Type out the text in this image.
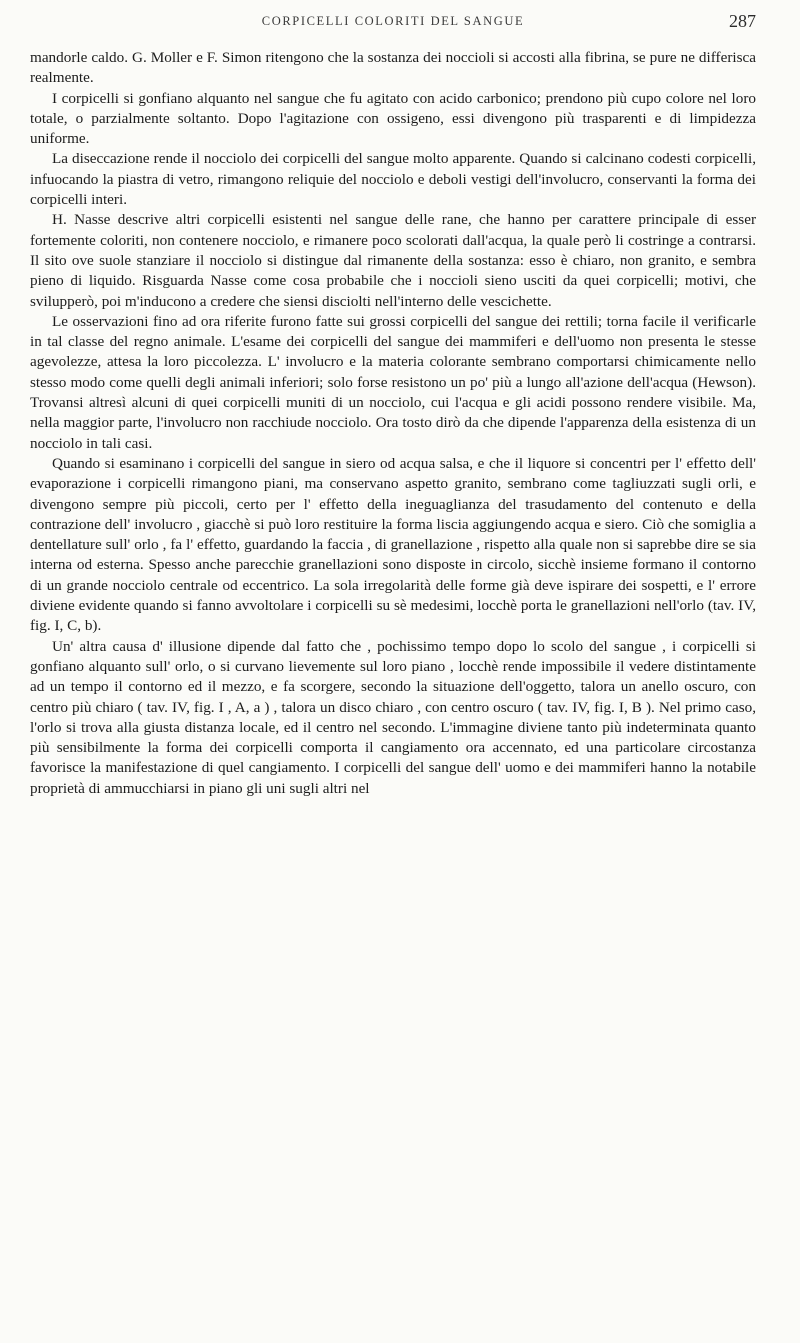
CORPICELLI COLORITI DEL SANGUE	287

mandorle caldo. G. Moller e F. Simon ritengono che la sostanza dei noccioli si accosti alla fibrina, se pure ne differisca realmente.

I corpicelli si gonfiano alquanto nel sangue che fu agitato con acido carbonico; prendono più cupo colore nel loro totale, o parzialmente soltanto. Dopo l'agitazione con ossigeno, essi divengono più trasparenti e di limpidezza uniforme.

La diseccazione rende il nocciolo dei corpicelli del sangue molto apparente. Quando si calcinano codesti corpicelli, infuocando la piastra di vetro, rimangono reliquie del nocciolo e deboli vestigi dell'involucro, conservanti la forma dei corpicelli interi.

H. Nasse descrive altri corpicelli esistenti nel sangue delle rane, che hanno per carattere principale di esser fortemente coloriti, non contenere nocciolo, e rimanere poco scolorati dall'acqua, la quale però li costringe a contrarsi. Il sito ove suole stanziare il nocciolo si distingue dal rimanente della sostanza: esso è chiaro, non granito, e sembra pieno di liquido. Risguarda Nasse come cosa probabile che i noccioli sieno usciti da quei corpicelli; motivi, che svilupperò, poi m'inducono a credere che siensi disciolti nell'interno delle vescichette.

Le osservazioni fino ad ora riferite furono fatte sui grossi corpicelli del sangue dei rettili; torna facile il verificarle in tal classe del regno animale. L'esame dei corpicelli del sangue dei mammiferi e dell'uomo non presenta le stesse agevolezze, attesa la loro piccolezza. L' involucro e la materia colorante sembrano comportarsi chimicamente nello stesso modo come quelli degli animali inferiori; solo forse resistono un po' più a lungo all'azione dell'acqua (Hewson). Trovansi altresì alcuni di quei corpicelli muniti di un nocciolo, cui l'acqua e gli acidi possono rendere visibile. Ma, nella maggior parte, l'involucro non racchiude nocciolo. Ora tosto dirò da che dipende l'apparenza della esistenza di un nocciolo in tali casi.

Quando si esaminano i corpicelli del sangue in siero od acqua salsa, e che il liquore si concentri per l' effetto dell' evaporazione i corpicelli rimangono piani, ma conservano aspetto granito, sembrano come tagliuzzati sugli orli, e divengono sempre più piccoli, certo per l' effetto della ineguaglianza del trasudamento del contenuto e della contrazione dell' involucro , giacchè si può loro restituire la forma liscia aggiungendo acqua e siero. Ciò che somiglia a dentellature sull' orlo , fa l' effetto, guardando la faccia , di granellazione , rispetto alla quale non si saprebbe dire se sia interna od esterna. Spesso anche parecchie granellazioni sono disposte in circolo, sicchè insieme formano il contorno di un grande nocciolo centrale od eccentrico. La sola irregolarità delle forme già deve ispirare dei sospetti, e l' errore diviene evidente quando si fanno avvoltolare i corpicelli su sè medesimi, locchè porta le granellazioni nell'orlo (tav. IV, fig. I, C, b).

Un' altra causa d' illusione dipende dal fatto che , pochissimo tempo dopo lo scolo del sangue , i corpicelli si gonfiano alquanto sull' orlo, o si curvano lievemente sul loro piano , locchè rende impossibile il vedere distintamente ad un tempo il contorno ed il mezzo, e fa scorgere, secondo la situazione dell'oggetto, talora un anello oscuro, con centro più chiaro ( tav. IV, fig. I , A, a ) , talora un disco chiaro , con centro oscuro ( tav. IV, fig. I, B ). Nel primo caso, l'orlo si trova alla giusta distanza locale, ed il centro nel secondo. L'immagine diviene tanto più indeterminata quanto più sensibilmente la forma dei corpicelli comporta il cangiamento ora accennato, ed una particolare circostanza favorisce la manifestazione di quel cangiamento. I corpicelli del sangue dell' uomo e dei mammiferi hanno la notabile proprietà di ammucchiarsi in piano gli uni sugli altri nel
